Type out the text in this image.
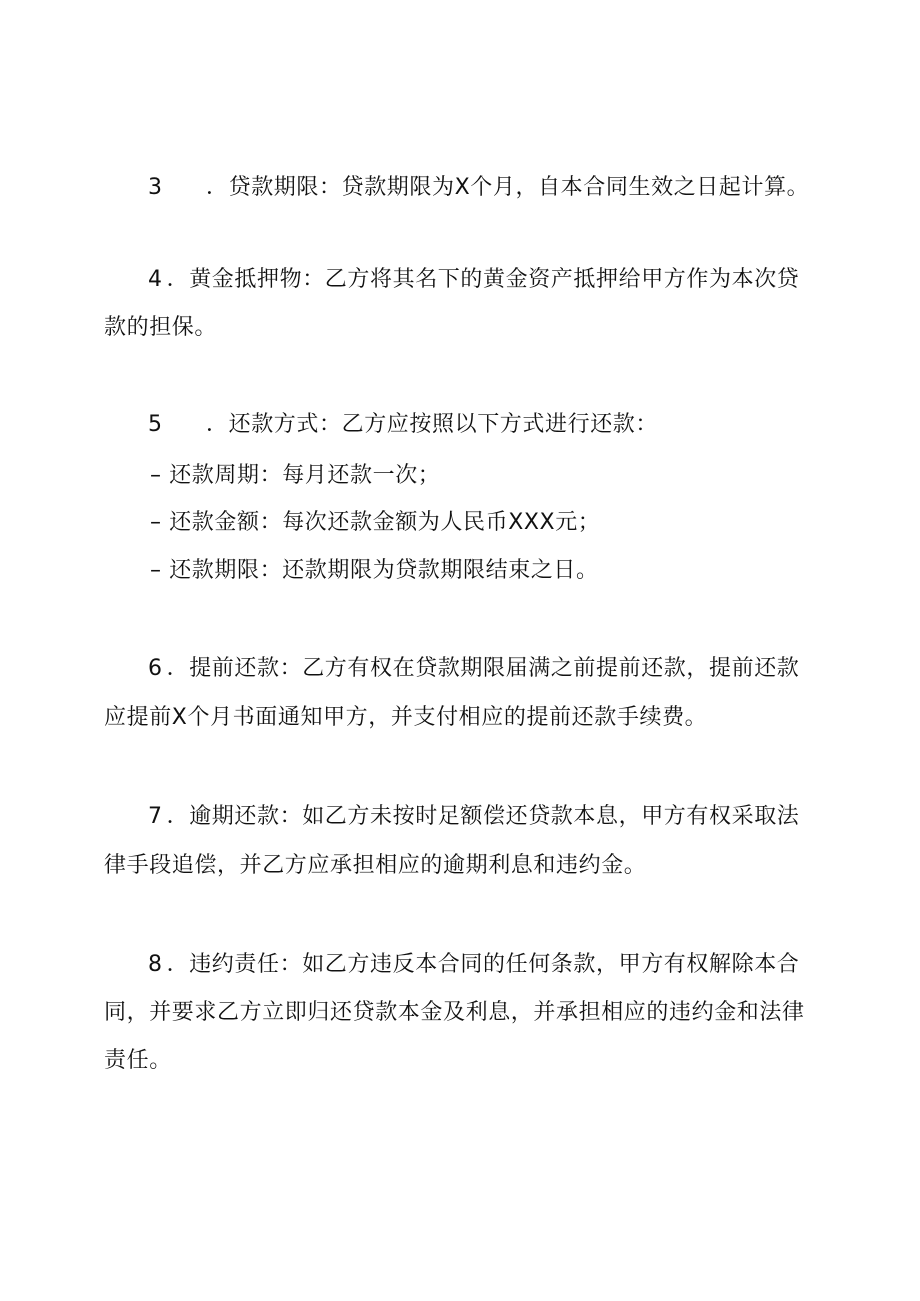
3 ．贷款期限：贷款期限为X个月，自本合同生效之日起计算。
4 ．黄金抵押物：乙方将其名下的黄金资产抵押给甲方作为本次贷
款的担保。
5 ．还款方式：乙方应按照以下方式进行还款：
– 还款周期：每月还款一次；
– 还款金额：每次还款金额为人民币XXX元；
– 还款期限：还款期限为贷款期限结束之日。
6 ．提前还款：乙方有权在贷款期限届满之前提前还款，提前还款
应提前X个月书面通知甲方，并支付相应的提前还款手续费。
7 ．逾期还款：如乙方未按时足额偿还贷款本息，甲方有权采取法
律手段追偿，并乙方应承担相应的逾期利息和违约金。
8 ．违约责任：如乙方违反本合同的任何条款，甲方有权解除本合
同，并要求乙方立即归还贷款本金及利息，并承担相应的违约金和法律
责任。
